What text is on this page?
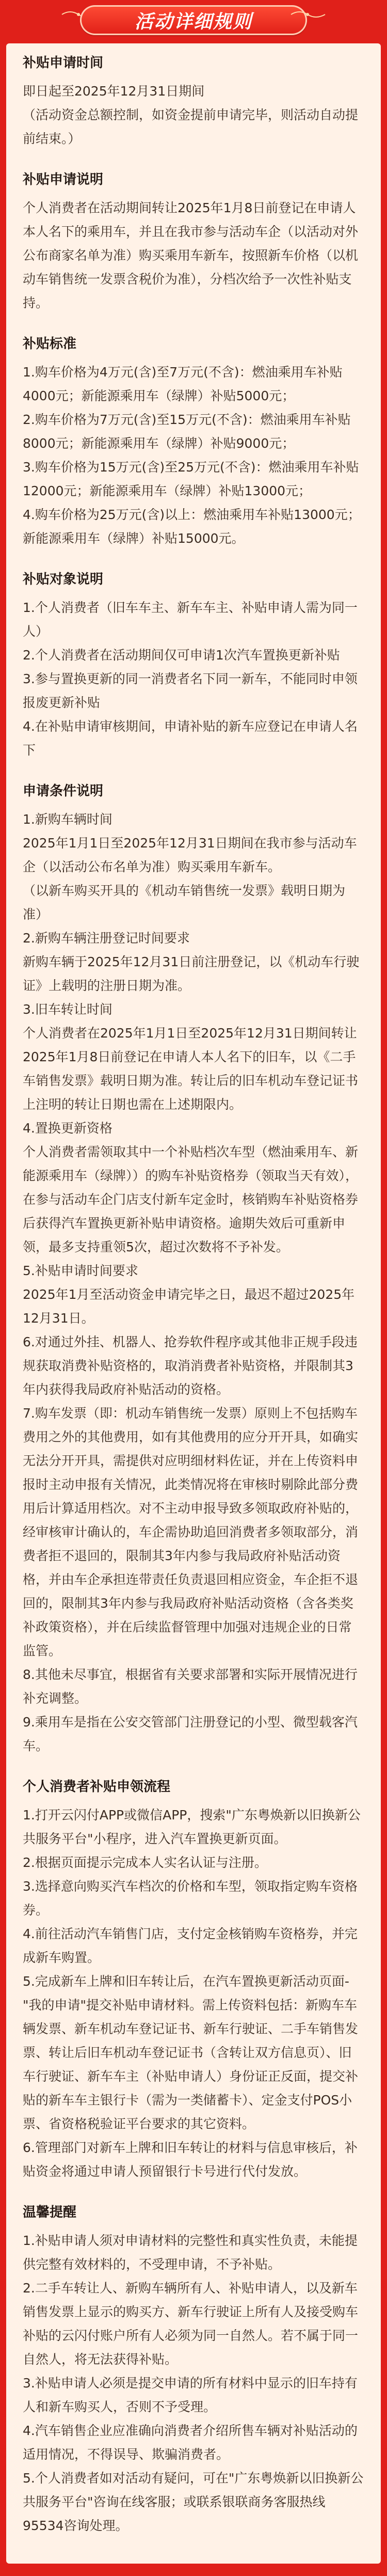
活动详细规则
补贴申请时间

即日起至2025年12月31日期间

（活动资金总额控制，如资金提前申请完毕，则活动自动提前结束。）

补贴申请说明

个人消费者在活动期间转让2025年1月8日前登记在申请人本人名下的乘用车，并且在我市参与活动车企（以活动对外公布商家名单为准）购买乘用车新车，按照新车价格（以机动车销售统一发票含税价为准），分档次给予一次性补贴支持。

补贴标准

1.购车价格为4万元(含)至7万元(不含)：燃油乘用车补贴4000元；新能源乘用车（绿牌）补贴5000元；

2.购车价格为7万元(含)至15万元(不含)：燃油乘用车补贴8000元；新能源乘用车（绿牌）补贴9000元；

3.购车价格为15万元(含)至25万元(不含)：燃油乘用车补贴12000元；新能源乘用车（绿牌）补贴13000元；

4.购车价格为25万元(含)以上：燃油乘用车补贴13000元；新能源乘用车（绿牌）补贴15000元。

补贴对象说明

1.个人消费者（旧车车主、新车车主、补贴申请人需为同一人）

2.个人消费者在活动期间仅可申请1次汽车置换更新补贴

3.参与置换更新的同一消费者名下同一新车，不能同时申领报废更新补贴

4.在补贴申请审核期间，申请补贴的新车应登记在申请人名下

申请条件说明

1.新购车辆时间

2025年1月1日至2025年12月31日期间在我市参与活动车企（以活动公布名单为准）购买乘用车新车。

（以新车购买开具的《机动车销售统一发票》载明日期为准）

2.新购车辆注册登记时间要求

新购车辆于2025年12月31日前注册登记，以《机动车行驶证》上载明的注册日期为准。

3.旧车转让时间

个人消费者在2025年1月1日至2025年12月31日期间转让2025年1月8日前登记在申请人本人名下的旧车，以《二手车销售发票》载明日期为准。转让后的旧车机动车登记证书上注明的转让日期也需在上述期限内。

4.置换更新资格

个人消费者需领取其中一个补贴档次车型（燃油乘用车、新能源乘用车（绿牌））的购车补贴资格券（领取当天有效），在参与活动车企门店支付新车定金时，核销购车补贴资格券后获得汽车置换更新补贴申请资格。逾期失效后可重新申领，最多支持重领5次，超过次数将不予补发。

5.补贴申请时间要求

2025年1月至活动资金申请完毕之日，最迟不超过2025年12月31日。

6.对通过外挂、机器人、抢券软件程序或其他非正规手段违规获取消费补贴资格的，取消消费者补贴资格，并限制其3年内获得我局政府补贴活动的资格。

7.购车发票（即：机动车销售统一发票）原则上不包括购车费用之外的其他费用，如有其他费用的应分开开具，如确实无法分开开具，需提供对应明细材料佐证，并在上传资料申报时主动申报有关情况，此类情况将在审核时剔除此部分费用后计算适用档次。对不主动申报导致多领取政府补贴的，经审核审计确认的，车企需协助追回消费者多领取部分，消费者拒不退回的，限制其3年内参与我局政府补贴活动资格，并由车企承担连带责任负责退回相应资金，车企拒不退回的，限制其3年内参与我局政府补贴活动资格（含各类奖补政策资格），并在后续监督管理中加强对违规企业的日常监管。

8.其他未尽事宜，根据省有关要求部署和实际开展情况进行补充调整。

9.乘用车是指在公安交管部门注册登记的小型、微型载客汽车。

个人消费者补贴申领流程

1.打开云闪付APP或微信APP，搜索"广东粤焕新以旧换新公共服务平台"小程序，进入汽车置换更新页面。

2.根据页面提示完成本人实名认证与注册。

3.选择意向购买汽车档次的价格和车型，领取指定购车资格券。

4.前往活动汽车销售门店，支付定金核销购车资格券，并完成新车购置。

5.完成新车上牌和旧车转让后，在汽车置换更新活动页面-"我的申请"提交补贴申请材料。需上传资料包括：新购车车辆发票、新车机动车登记证书、新车行驶证、二手车销售发票、转让后旧车机动车登记证书（含转让双方信息页）、旧车行驶证、新车车主（补贴申请人）身份证正反面，提交补贴的新车车主银行卡（需为一类储蓄卡）、定金支付POS小票、省资格税验证平台要求的其它资料。

6.管理部门对新车上牌和旧车转让的材料与信息审核后，补贴资金将通过申请人预留银行卡号进行代付发放。

温馨提醒

1.补贴申请人须对申请材料的完整性和真实性负责，未能提供完整有效材料的，不受理申请，不予补贴。

2.二手车转让人、新购车辆所有人、补贴申请人，以及新车销售发票上显示的购买方、新车行驶证上所有人及接受购车补贴的云闪付账户所有人必须为同一自然人。若不属于同一自然人，将无法获得补贴。

3.补贴申请人必须是提交申请的所有材料中显示的旧车持有人和新车购买人，否则不予受理。

4.汽车销售企业应准确向消费者介绍所售车辆对补贴活动的适用情况，不得误导、欺骗消费者。

5.个人消费者如对活动有疑问，可在"广东粤焕新以旧换新公共服务平台"咨询在线客服；或联系银联商务客服热线95534咨询处理。
